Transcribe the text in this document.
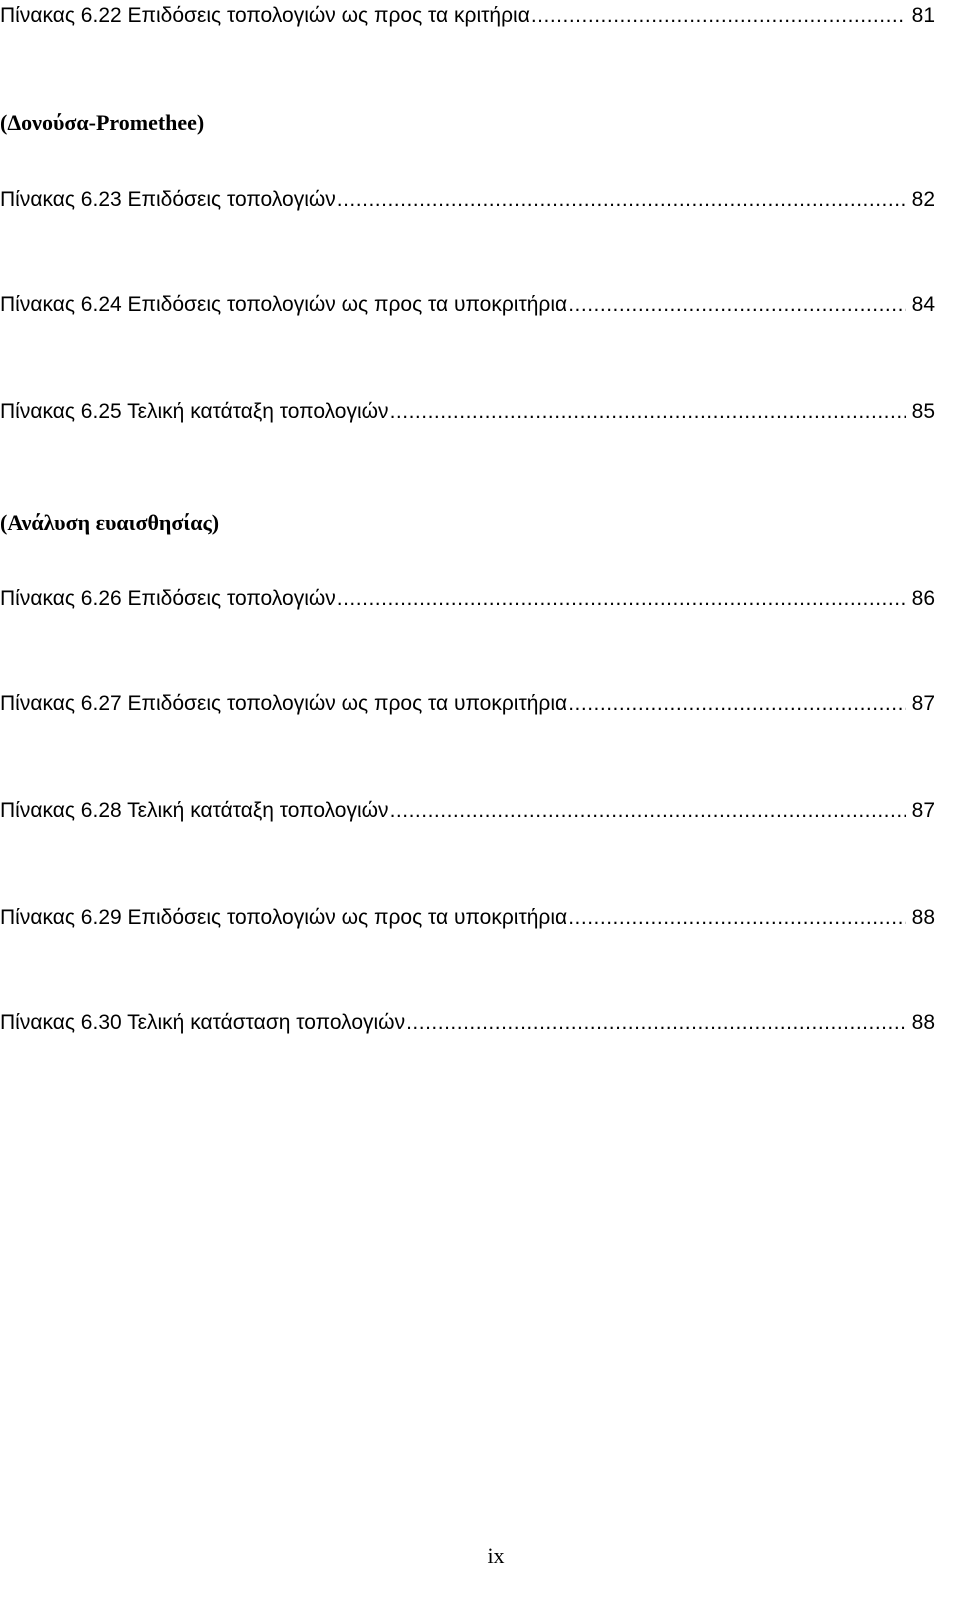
Πίνακας 6.22 Επιδόσεις τοπολογιών ως προς τα κριτήρια .....	81
(Δονούσα-Promethee)
Πίνακας 6.23 Επιδόσεις τοπολογιών .....	82
Πίνακας 6.24 Επιδόσεις τοπολογιών ως προς τα υποκριτήρια .....	84
Πίνακας 6.25 Τελική κατάταξη τοπολογιών .....	85
(Ανάλυση ευαισθησίας)
Πίνακας 6.26 Επιδόσεις τοπολογιών .....	86
Πίνακας 6.27 Επιδόσεις τοπολογιών ως προς τα υποκριτήρια .....	87
Πίνακας 6.28 Τελική κατάταξη τοπολογιών .....	87
Πίνακας 6.29 Επιδόσεις τοπολογιών ως προς τα υποκριτήρια .....	88
Πίνακας 6.30 Τελική κατάσταση τοπολογιών .....	88
ix
